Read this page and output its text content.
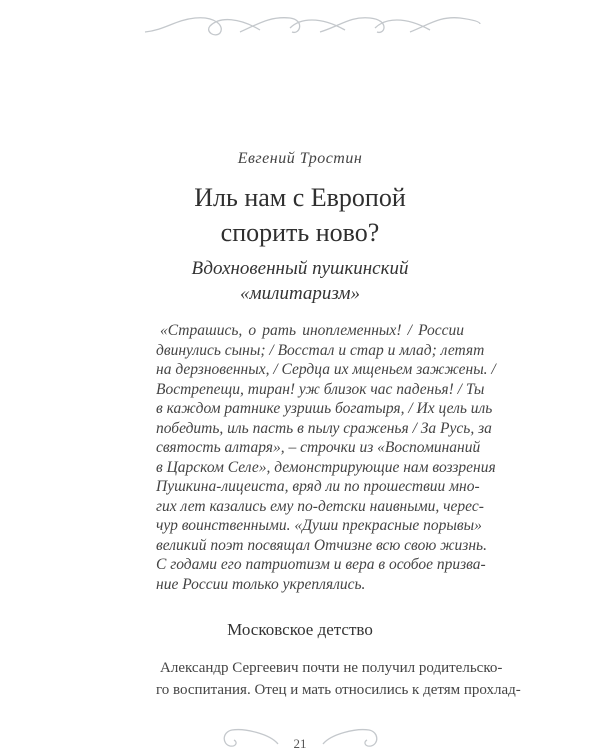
Евгений Тростин
Иль нам с Европой
спорить ново?
Вдохновенный пушкинский
«милитаризм»
«Страшись, о рать иноплеменных! / России
двинулись сыны; / Восстал и стар и млад; летят
на дерзновенных, / Сердца их мщеньем зажжены. /
Вострепещи, тиран! уж близок час паденья! / Ты
в каждом ратнике узришь богатыря, / Их цель иль
победить, иль пасть в пылу сраженья / За Русь, за
святость алтаря», – строчки из «Воспоминаний
в Царском Селе», демонстрирующие нам воззрения
Пушкина-лицеиста, вряд ли по прошествии мно-
гих лет казались ему по-детски наивными, черес-
чур воинственными. «Души прекрасные порывы»
великий поэт посвящал Отчизне всю свою жизнь.
С годами его патриотизм и вера в особое призва-
ние России только укреплялись.
Московское детство
Александр Сергеевич почти не получил родительско-
го воспитания. Отец и мать относились к детям прохлад-
21
